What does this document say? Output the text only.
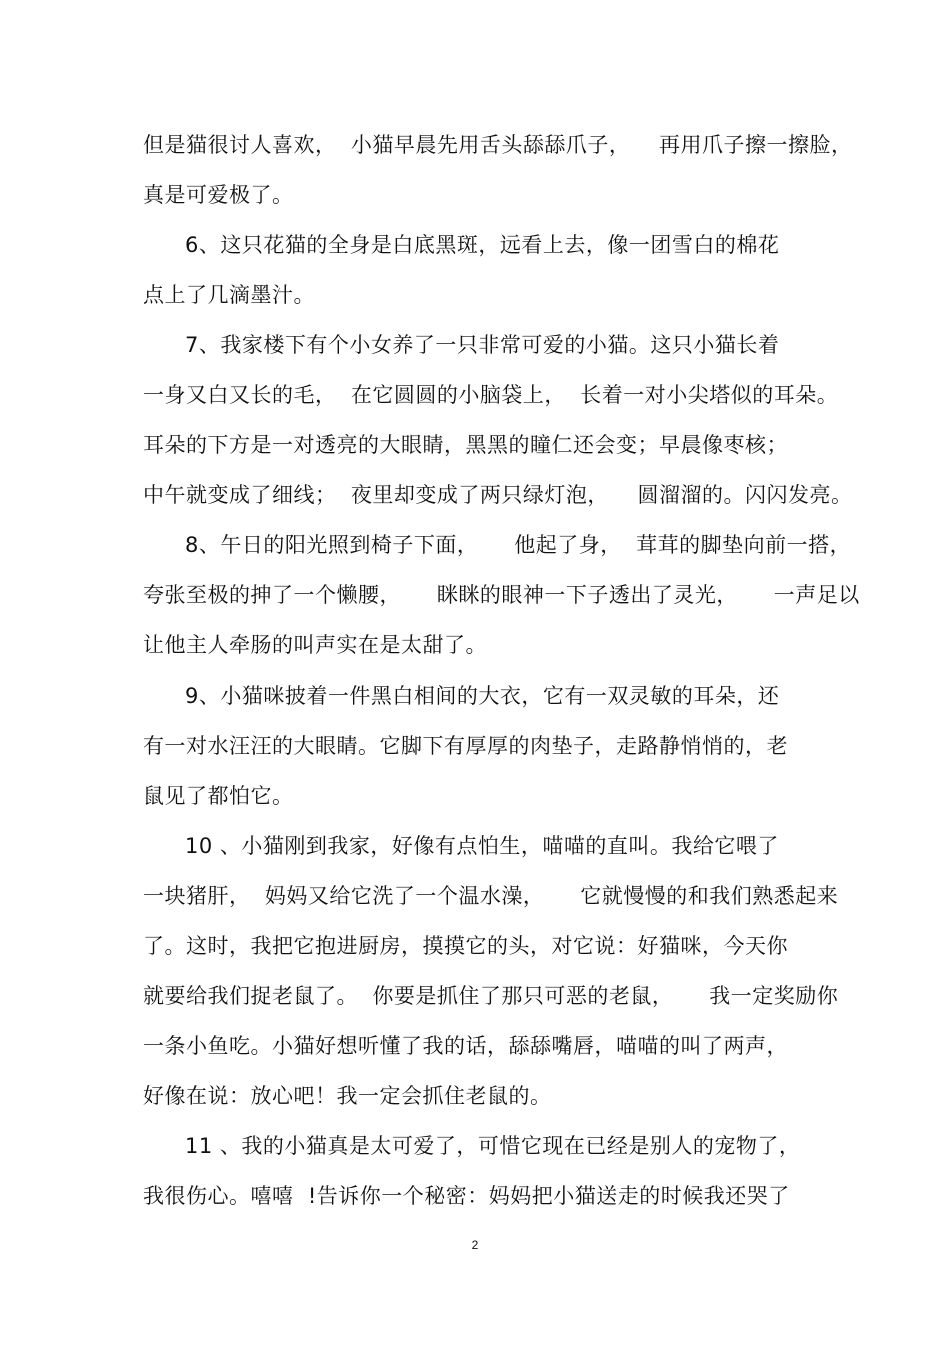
但是猫很讨人喜欢，  小猫早晨先用舌头舔舔爪子，    再用爪子擦一擦脸，
真是可爱极了。
6、这只花猫的全身是白底黑斑，远看上去，像一团雪白的棉花
点上了几滴墨汁。
7、我家楼下有个小女养了一只非常可爱的小猫。这只小猫长着
一身又白又长的毛，  在它圆圆的小脑袋上，  长着一对小尖塔似的耳朵。
耳朵的下方是一对透亮的大眼睛，黑黑的瞳仁还会变；早晨像枣核；
中午就变成了细线；  夜里却变成了两只绿灯泡，    圆溜溜的。闪闪发亮。
8、午日的阳光照到椅子下面，     他起了身，  茸茸的脚垫向前一搭，
夸张至极的抻了一个懒腰，     眯眯的眼神一下子透出了灵光，     一声足以
让他主人牵肠的叫声实在是太甜了。
9、小猫咪披着一件黑白相间的大衣，它有一双灵敏的耳朵，还
有一对水汪汪的大眼睛。它脚下有厚厚的肉垫子，走路静悄悄的，老
鼠见了都怕它。
10 、小猫刚到我家，好像有点怕生，喵喵的直叫。我给它喂了
一块猪肝，  妈妈又给它洗了一个温水澡，     它就慢慢的和我们熟悉起来
了。这时，我把它抱进厨房，摸摸它的头，对它说：好猫咪，今天你
就要给我们捉老鼠了。  你要是抓住了那只可恶的老鼠，     我一定奖励你
一条小鱼吃。小猫好想听懂了我的话，舔舔嘴唇，喵喵的叫了两声，
好像在说：放心吧！我一定会抓住老鼠的。
11 、我的小猫真是太可爱了，可惜它现在已经是别人的宠物了，
我很伤心。嘻嘻  !告诉你一个秘密：妈妈把小猫送走的时候我还哭了
2
